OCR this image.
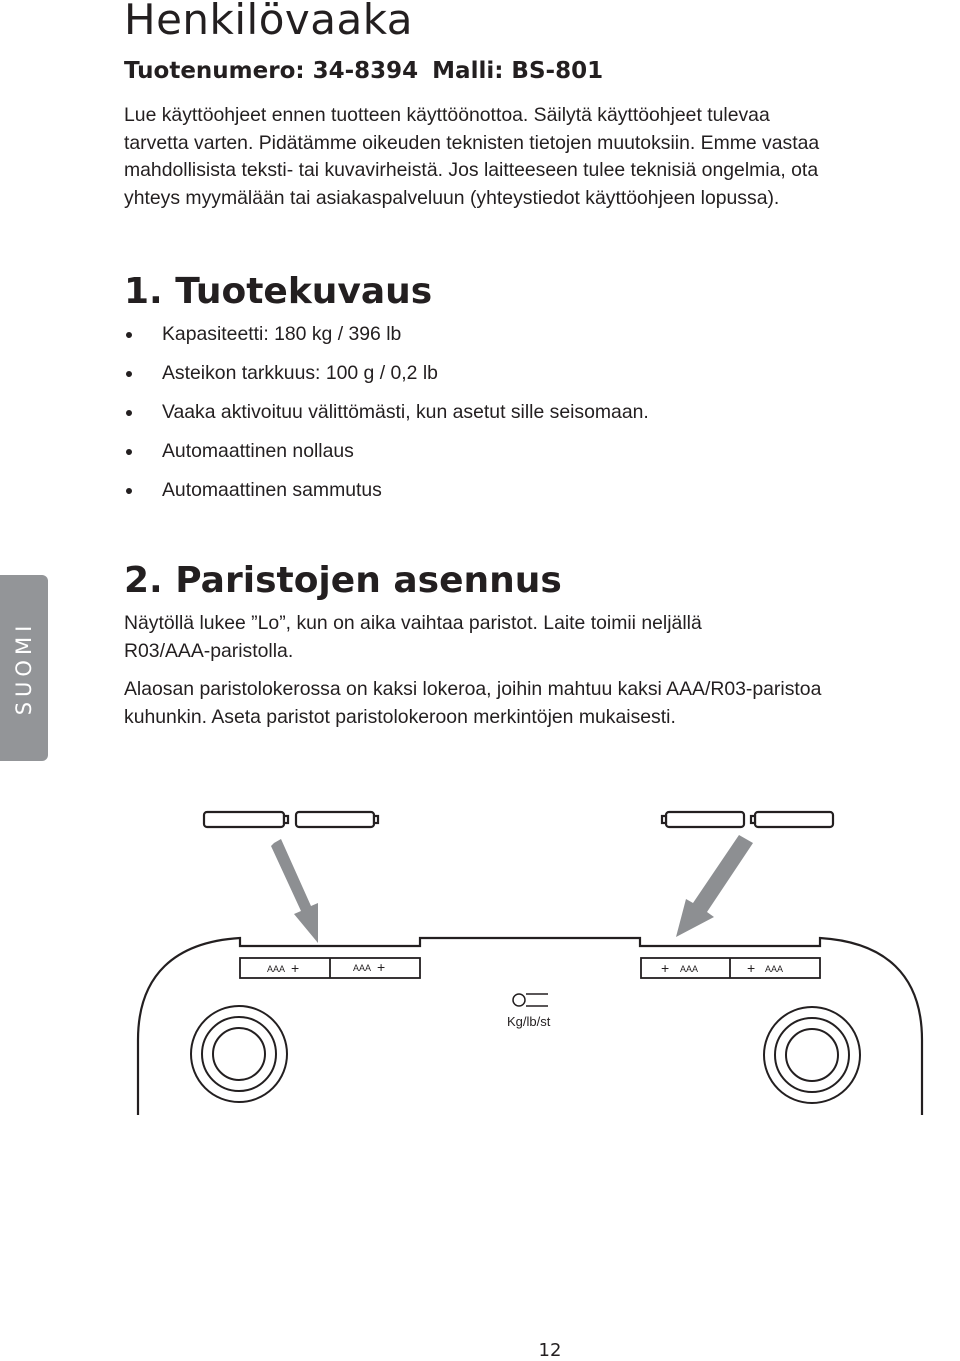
Henkilövaaka
Tuotenumero: 34-8394 Malli: BS-801

Lue käyttöohjeet ennen tuotteen käyttöönottoa. Säilytä käyttöohjeet tulevaa
tarvetta varten. Pidätämme oikeuden teknisten tietojen muutoksiin. Emme vastaa
mahdollisista teksti- tai kuvavirheistä. Jos laitteeseen tulee teknisiä ongelmia, ota
yhteys myymälään tai asiakaspalveluun (yhteystiedot käyttöohjeen lopussa).

1. Tuotekuvaus
Kapasiteetti: 180 kg / 396 lb
Asteikon tarkkuus: 100 g / 0,2 lb
Vaaka aktivoituu välittömästi, kun asetut sille seisomaan.
Automaattinen nollaus
Automaattinen sammutus
SUOMI
2. Paristojen asennus

Näytöllä lukee ”Lo”, kun on aika vaihtaa paristot. Laite toimii neljällä
R03/AAA-paristolla.

Alaosan paristolokerossa on kaksi lokeroa, joihin mahtuu kaksi AAA/R03-paristoa
kuhunkin. Aseta paristot paristolokeroon merkintöjen mukaisesti.

AAA +	AAA +	+ AAA	+ AAA
Kg/lb/st

12
